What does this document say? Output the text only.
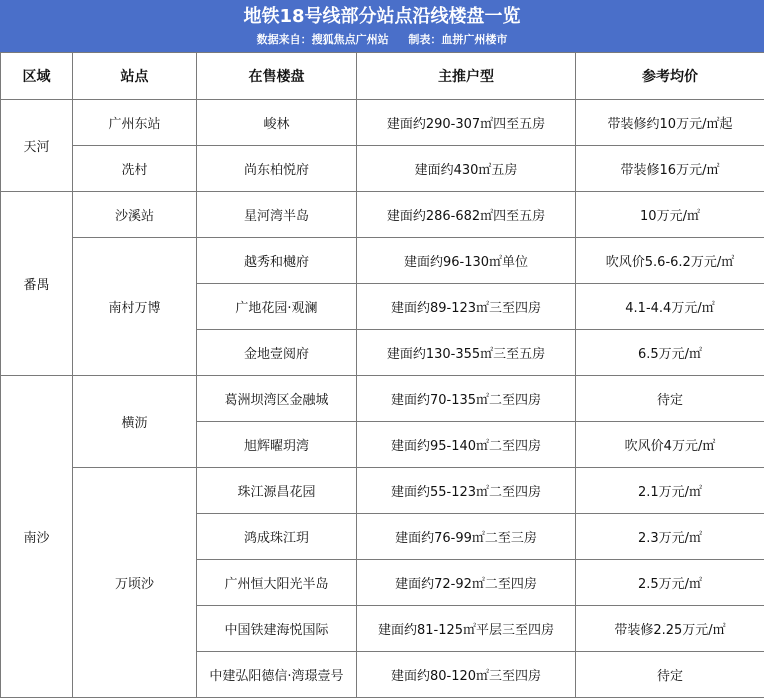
地铁18号线部分站点沿线楼盘一览
数据来自：搜狐焦点广州站 制表：血拼广州楼市
区域	站点	在售楼盘	主推户型	参考均价
天河	广州东站	峻林	建面约290-307㎡四至五房	带装修约10万元/㎡起
	冼村	尚东柏悦府	建面约430㎡五房	带装修16万元/㎡
番禺	沙溪站	星河湾半岛	建面约286-682㎡四至五房	10万元/㎡
	南村万博	越秀和樾府	建面约96-130㎡单位	吹风价5.6-6.2万元/㎡
		广地花园·观澜	建面约89-123㎡三至四房	4.1-4.4万元/㎡
		金地壹阅府	建面约130-355㎡三至五房	6.5万元/㎡
南沙	横沥	葛洲坝湾区金融城	建面约70-135㎡二至四房	待定
		旭辉曜玥湾	建面约95-140㎡二至四房	吹风价4万元/㎡
	万顷沙	珠江源昌花园	建面约55-123㎡二至四房	2.1万元/㎡
		鸿成珠江玥	建面约76-99㎡二至三房	2.3万元/㎡
		广州恒大阳光半岛	建面约72-92㎡二至四房	2.5万元/㎡
		中国铁建海悦国际	建面约81-125㎡平层三至四房	带装修2.25万元/㎡
		中建弘阳德信·湾璟壹号	建面约80-120㎡三至四房	待定
